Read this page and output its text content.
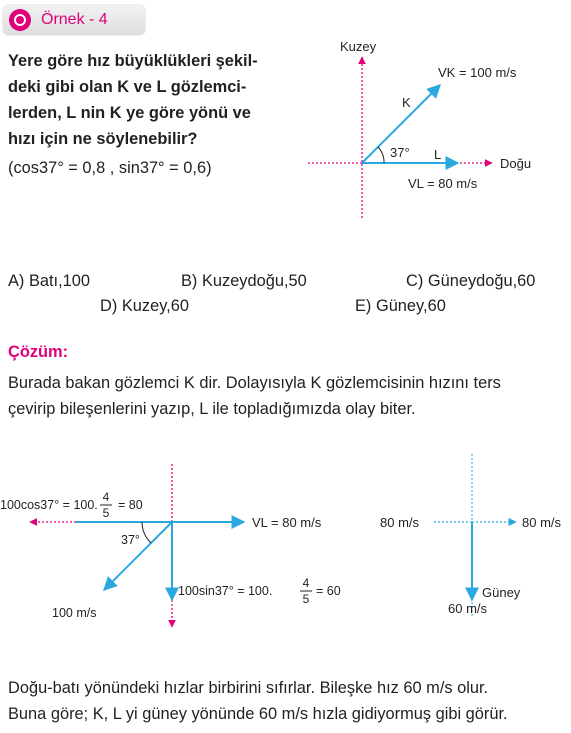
Örnek - 4
Yere göre hız büyüklükleri şekil-
deki gibi olan K ve L gözlemci-
lerden, L nin K ye göre yönü ve
hızı için ne söylenebilir?
(cos37° = 0,8 , sin37° = 0,6)
Kuzey
Doğu
VK = 100 m/s
K
L
37°
VL = 80 m/s
A) Batı,100	B) Kuzeydoğu,50	C) Güneydoğu,60
D) Kuzey,60	E) Güney,60
Çözüm:
Burada bakan gözlemci K dir. Dolayısıyla K gözlemcisinin hızını ters
çevirip bileşenlerini yazıp, L ile topladığımızda olay biter.
100cos37° = 100.
4
5
= 80
VL = 80 m/s
37°
100sin37° = 100.
4
5
= 60
100 m/s
80 m/s	80 m/s
Güney
60 m/s
Doğu-batı yönündeki hızlar birbirini sıfırlar. Bileşke hız 60 m/s olur.
Buna göre; K, L yi güney yönünde 60 m/s hızla gidiyormuş gibi görür.
